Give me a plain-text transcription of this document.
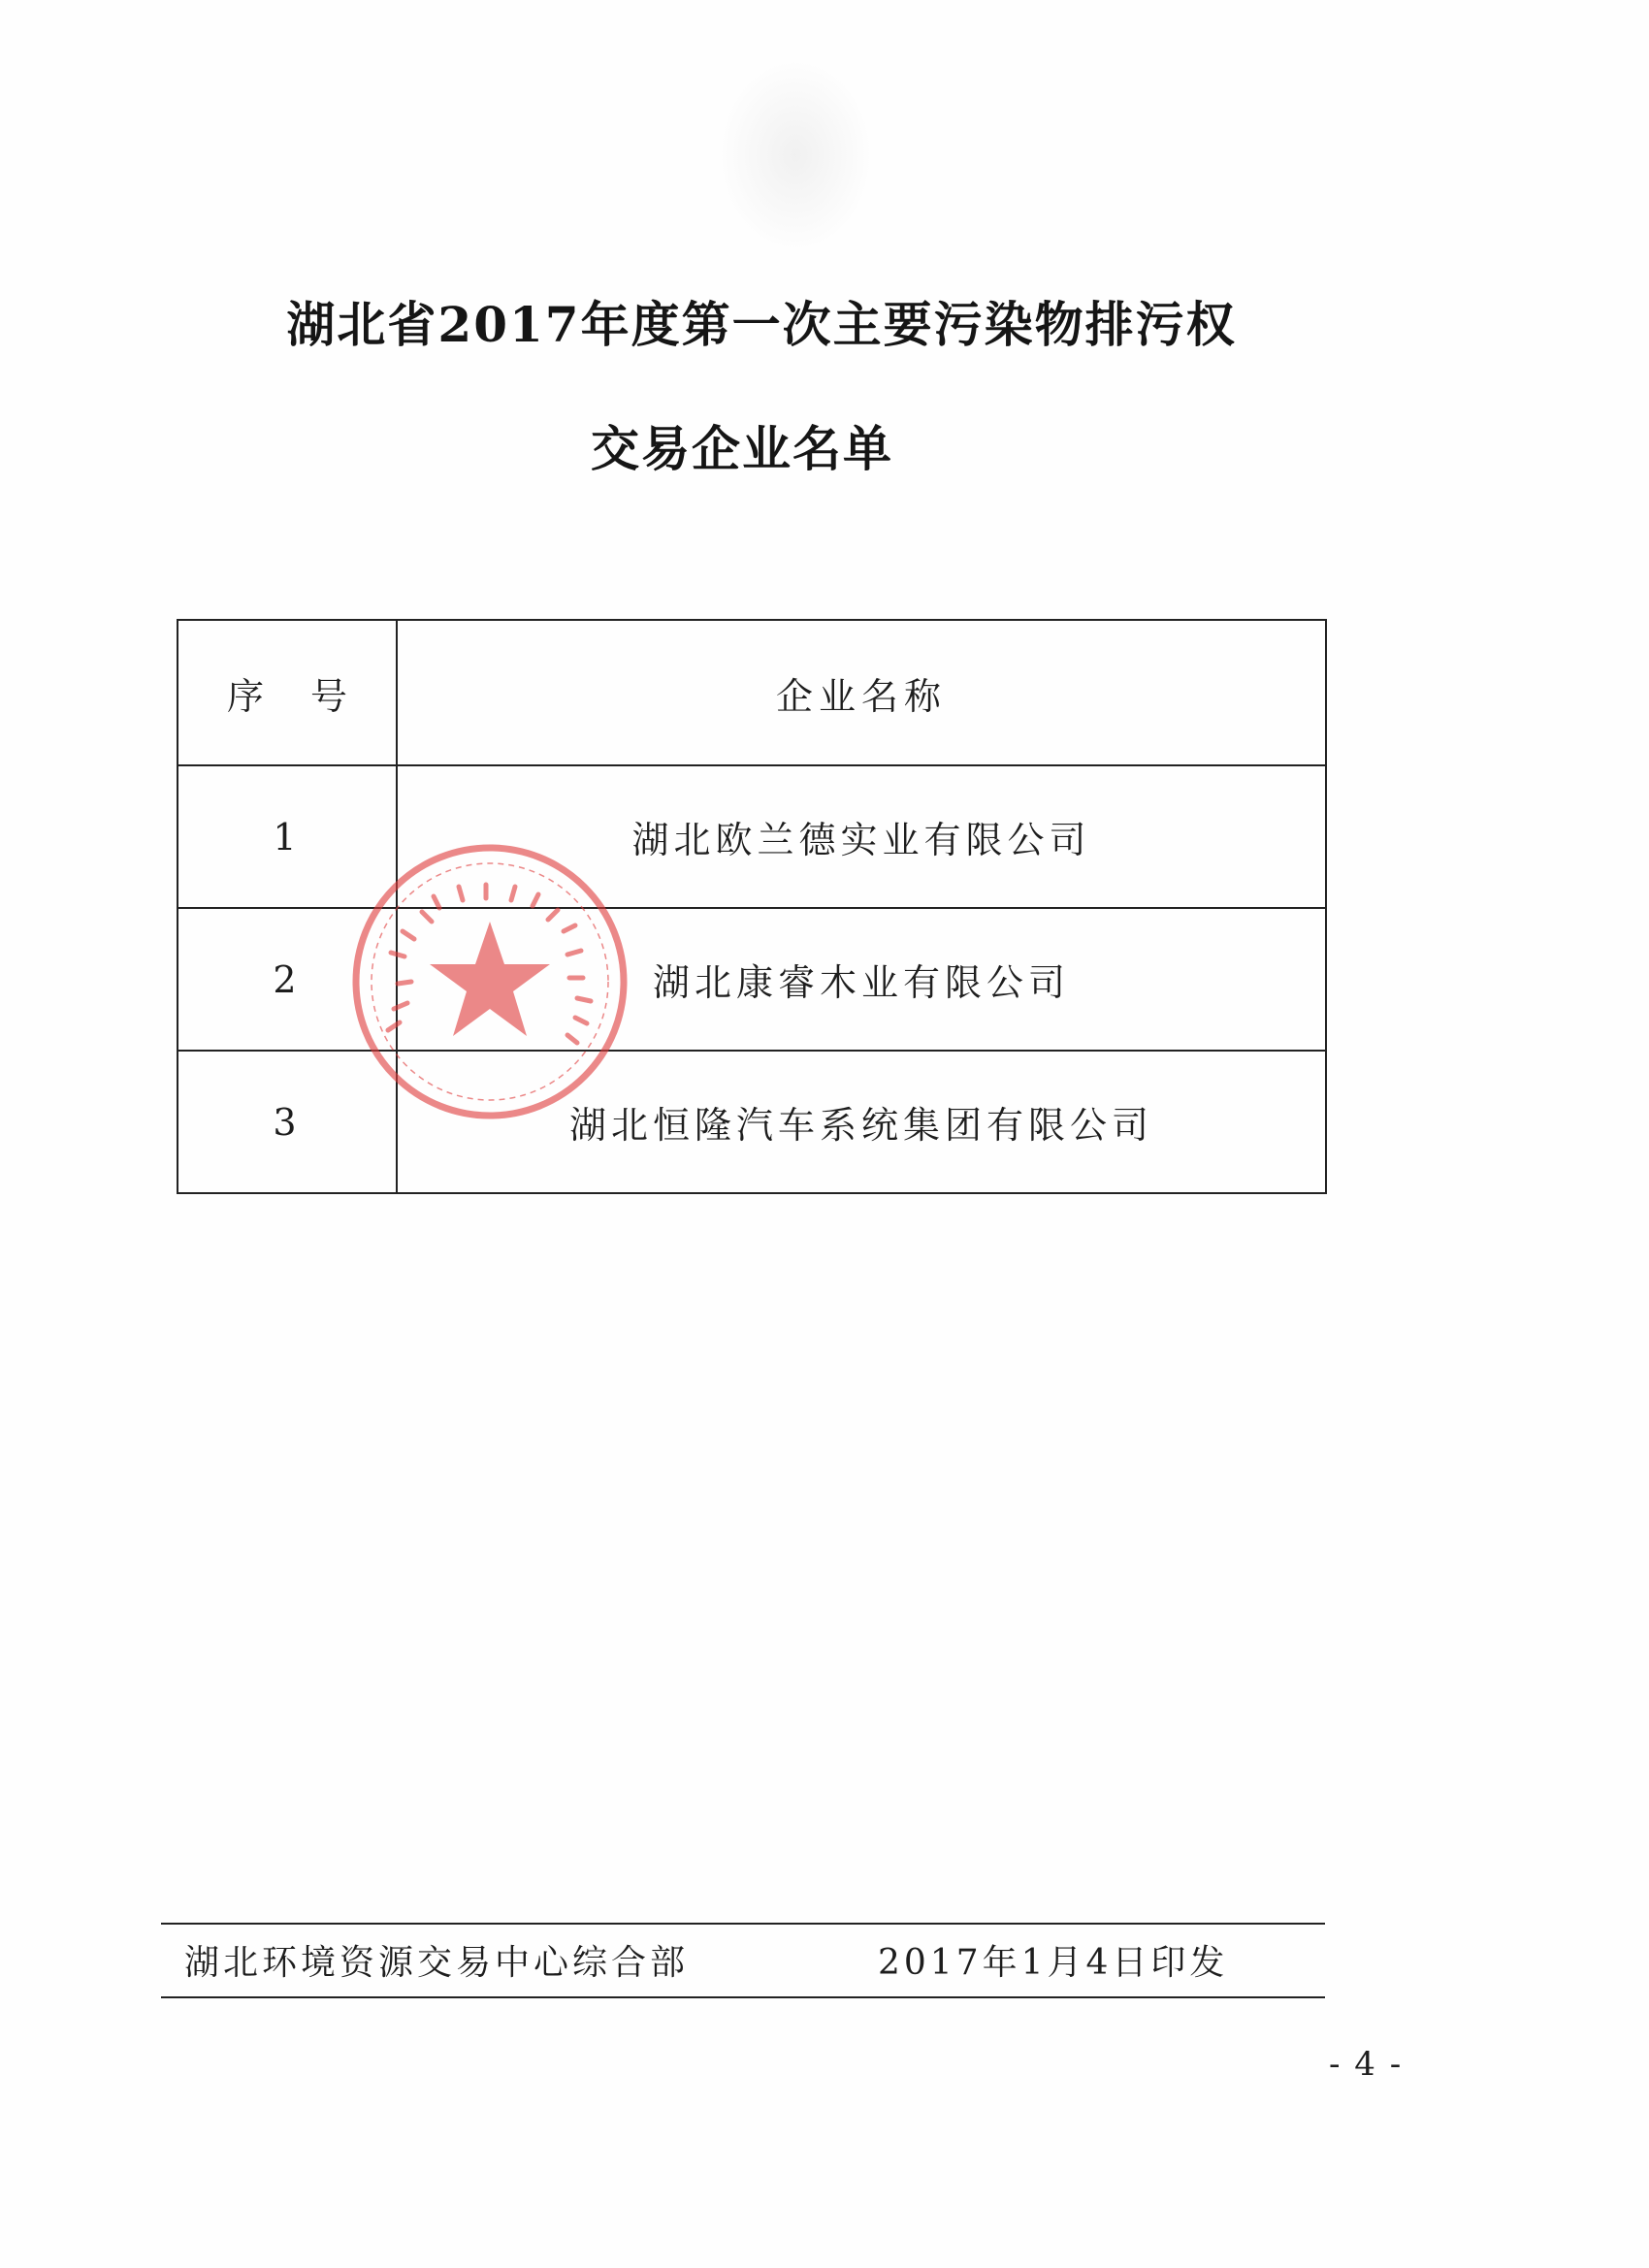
湖北省2017年度第一次主要污染物排污权
交易企业名单
序 号	企业名称
1	湖北欧兰德实业有限公司
2	湖北康睿木业有限公司
3	湖北恒隆汽车系统集团有限公司
湖北环境资源交易中心综合部	2017年1月4日印发
- 4 -
